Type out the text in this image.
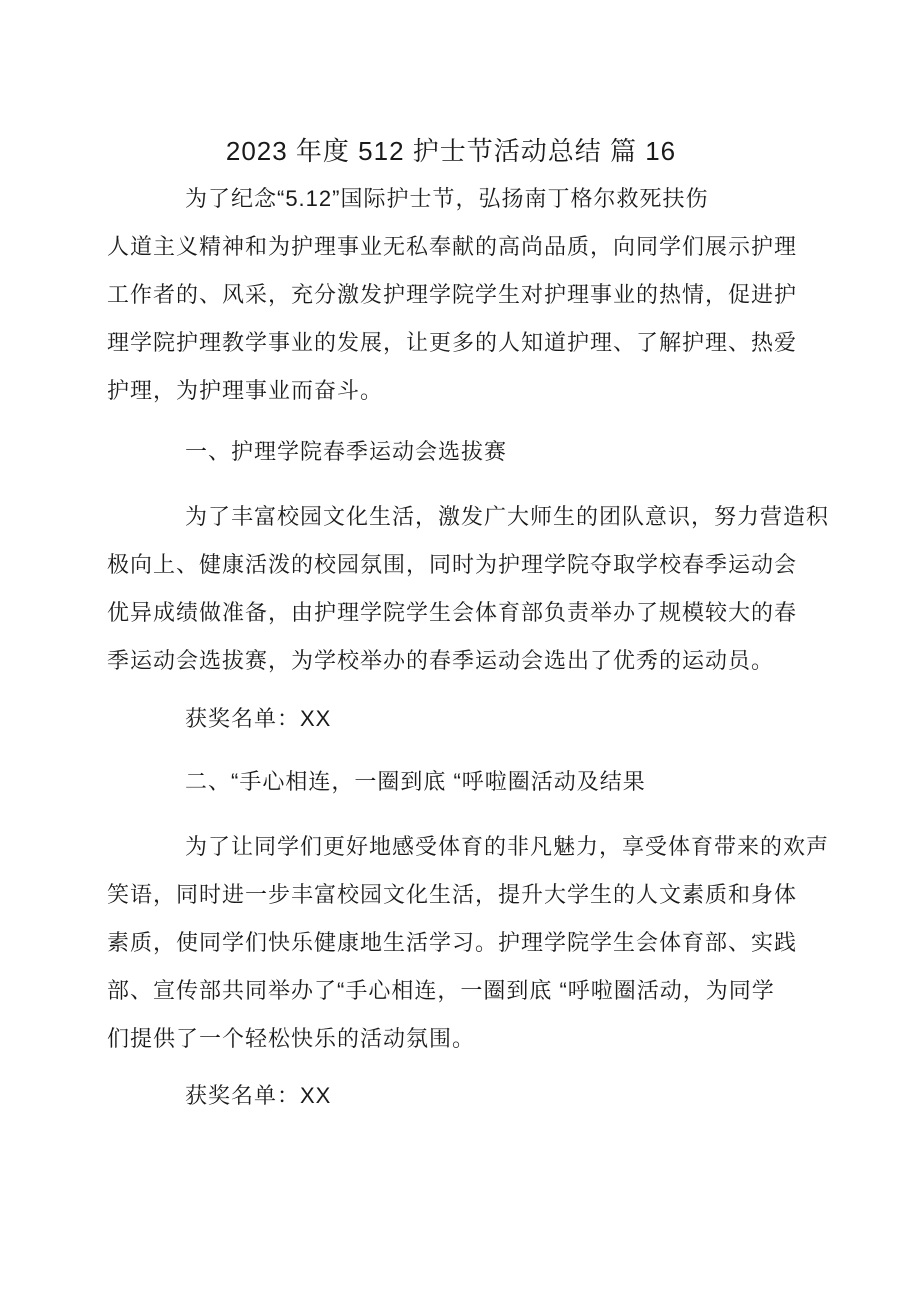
2023 年度 512 护士节活动总结 篇 16
为了纪念“5.12”国际护士节，弘扬南丁格尔救死扶伤
人道主义精神和为护理事业无私奉献的高尚品质，向同学们展示护理
工作者的、风采，充分激发护理学院学生对护理事业的热情，促进护
理学院护理教学事业的发展，让更多的人知道护理、了解护理、热爱
护理，为护理事业而奋斗。
一、护理学院春季运动会选拔赛
为了丰富校园文化生活，激发广大师生的团队意识，努力营造积
极向上、健康活泼的校园氛围，同时为护理学院夺取学校春季运动会
优异成绩做准备，由护理学院学生会体育部负责举办了规模较大的春
季运动会选拔赛，为学校举办的春季运动会选出了优秀的运动员。
获奖名单：XX
二、“手心相连，一圈到底 “呼啦圈活动及结果
为了让同学们更好地感受体育的非凡魅力，享受体育带来的欢声
笑语，同时进一步丰富校园文化生活，提升大学生的人文素质和身体
素质，使同学们快乐健康地生活学习。护理学院学生会体育部、实践
部、宣传部共同举办了“手心相连，一圈到底 “呼啦圈活动，为同学
们提供了一个轻松快乐的活动氛围。
获奖名单：XX
